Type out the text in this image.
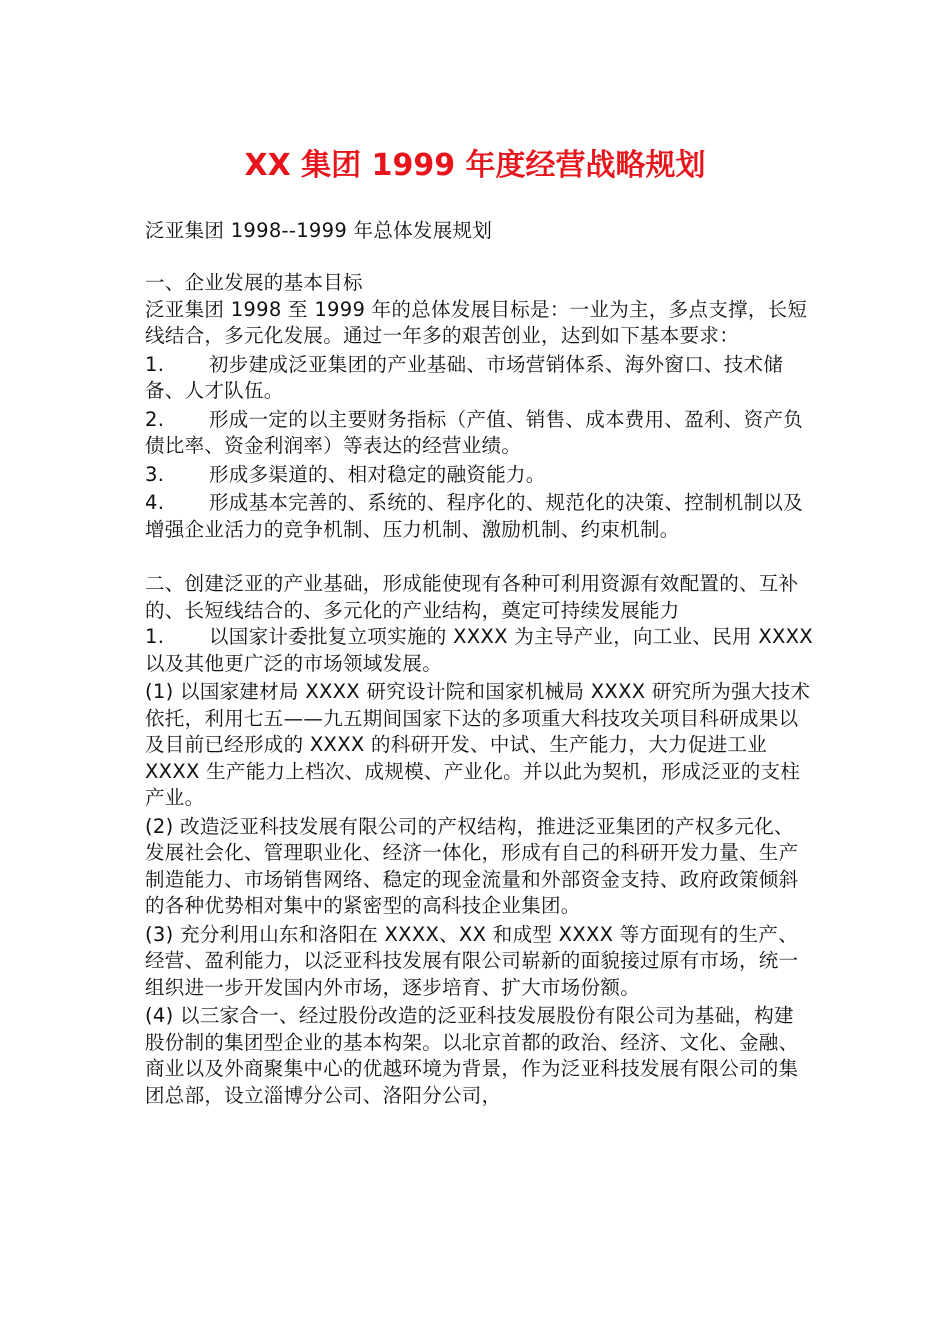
XX 集团 1999 年度经营战略规划
泛亚集团 1998--1999 年总体发展规划
一、企业发展的基本目标
泛亚集团 1998 至 1999 年的总体发展目标是：一业为主，多点支撑，长短线结合，多元化发展。通过一年多的艰苦创业，达到如下基本要求：
1. 初步建成泛亚集团的产业基础、市场营销体系、海外窗口、技术储备、人才队伍。
2. 形成一定的以主要财务指标（产值、销售、成本费用、盈利、资产负债比率、资金利润率）等表达的经营业绩。
3. 形成多渠道的、相对稳定的融资能力。
4. 形成基本完善的、系统的、程序化的、规范化的决策、控制机制以及增强企业活力的竞争机制、压力机制、激励机制、约束机制。
二、创建泛亚的产业基础，形成能使现有各种可利用资源有效配置的、互补的、长短线结合的、多元化的产业结构，奠定可持续发展能力
1. 以国家计委批复立项实施的 XXXX 为主导产业，向工业、民用 XXXX 以及其他更广泛的市场领域发展。
(1) 以国家建材局 XXXX 研究设计院和国家机械局 XXXX 研究所为强大技术依托，利用七五——九五期间国家下达的多项重大科技攻关项目科研成果以及目前已经形成的 XXXX 的科研开发、中试、生产能力，大力促进工业 XXXX 生产能力上档次、成规模、产业化。并以此为契机，形成泛亚的支柱产业。
(2) 改造泛亚科技发展有限公司的产权结构，推进泛亚集团的产权多元化、发展社会化、管理职业化、经济一体化，形成有自己的科研开发力量、生产制造能力、市场销售网络、稳定的现金流量和外部资金支持、政府政策倾斜的各种优势相对集中的紧密型的高科技企业集团。
(3) 充分利用山东和洛阳在 XXXX、XX 和成型 XXXX 等方面现有的生产、经营、盈利能力，以泛亚科技发展有限公司崭新的面貌接过原有市场，统一组织进一步开发国内外市场，逐步培育、扩大市场份额。
(4) 以三家合一、经过股份改造的泛亚科技发展股份有限公司为基础，构建股份制的集团型企业的基本构架。以北京首都的政治、经济、文化、金融、商业以及外商聚集中心的优越环境为背景，作为泛亚科技发展有限公司的集团总部，设立淄博分公司、洛阳分公司，
